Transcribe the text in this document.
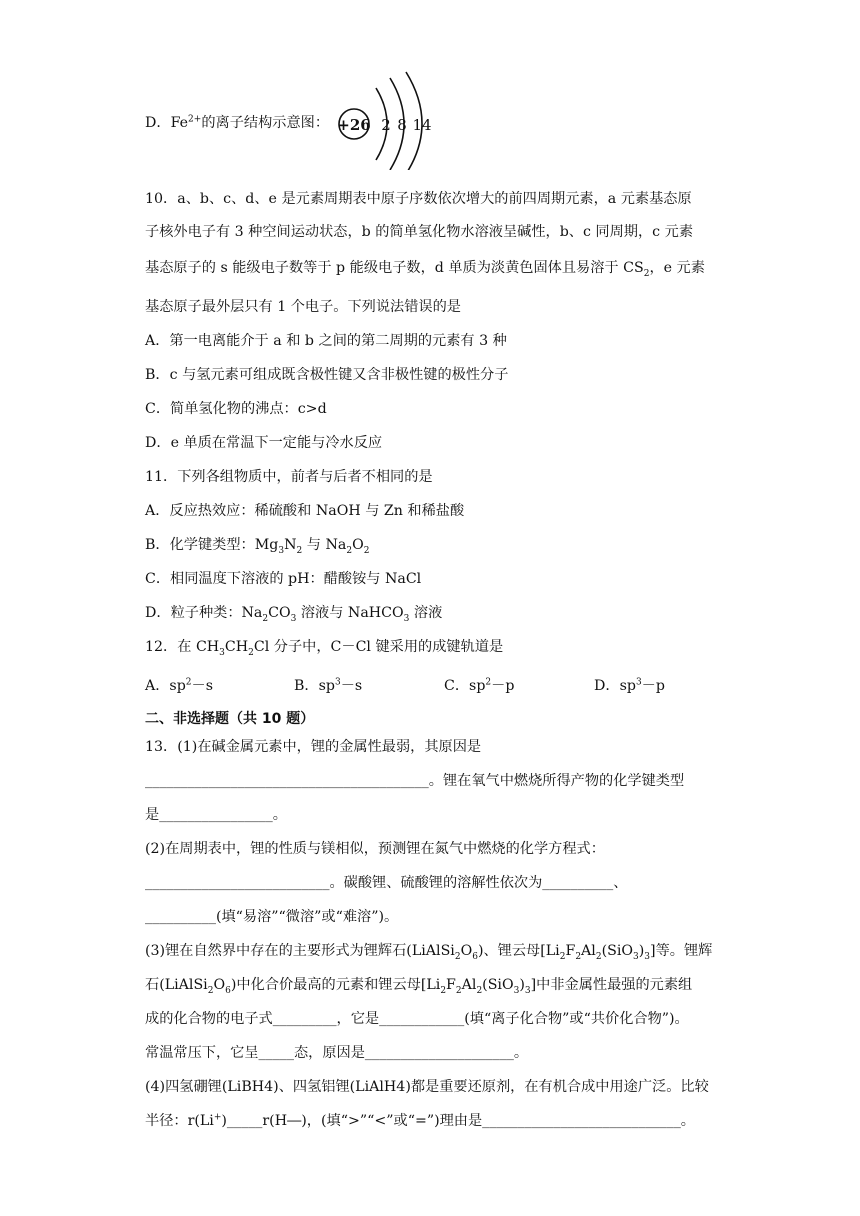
D．$Fe^{2+}$的离子结构示意图： +26 2 8 14
10．a、b、c、d、e 是元素周期表中原子序数依次增大的前四周期元素，a 元素基态原
子核外电子有 3 种空间运动状态，b 的简单氢化物水溶液呈碱性，b、c 同周期，c 元素
基态原子的 s 能级电子数等于 p 能级电子数，d 单质为淡黄色固体且易溶于 $CS_2$，e 元素
基态原子最外层只有 1 个电子。下列说法错误的是
A．第一电离能介于 a 和 b 之间的第二周期的元素有 3 种
B．c 与氢元素可组成既含极性键又含非极性键的极性分子
C．简单氢化物的沸点：c>d
D．e 单质在常温下一定能与冷水反应
11．下列各组物质中，前者与后者不相同的是
A．反应热效应：稀硫酸和 NaOH 与 Zn 和稀盐酸
B．化学键类型：$Mg_3N_2$ 与 $Na_2O_2$
C．相同温度下溶液的 pH：醋酸铵与 NaCl
D．粒子种类：$Na_2CO_3$ 溶液与 NaHCO$_3$ 溶液
12．在 $CH_3CH_2Cl$ 分子中，C－Cl 键采用的成键轨道是
A．$sp^2-s$	B．$sp^3-s$	C．$sp^2-p$	D．$sp^3-p$
二、非选择题（共 10 题）
13．(1)在碱金属元素中，锂的金属性最弱，其原因是
________________________________________。锂在氧气中燃烧所得产物的化学键类型
是________________。
(2)在周期表中，锂的性质与镁相似，预测锂在氮气中燃烧的化学方程式：
__________________________。碳酸锂、硫酸锂的溶解性依次为__________、
__________(填“易溶”“微溶”或“难溶”)。
(3)锂在自然界中存在的主要形式为锂辉石$(LiAlSi_2O_6)$、锂云母$[Li_2F_2Al_2(SiO_3)_3]$等。锂辉
石$(LiAlSi_2O_6)$中化合价最高的元素和锂云母$[Li_2F_2Al_2(SiO_3)_3]$中非金属性最强的元素组
成的化合物的电子式_________，它是____________(填“离子化合物”或“共价化合物”)。
常温常压下，它呈_____态，原因是_____________________。
(4)四氢硼锂(LiBH4)、四氢铝锂(LiAlH4)都是重要还原剂，在有机合成中用途广泛。比较
半径：r(Li+)_____r(H―)，(填“>”“<”或“=”)理由是____________________________。
